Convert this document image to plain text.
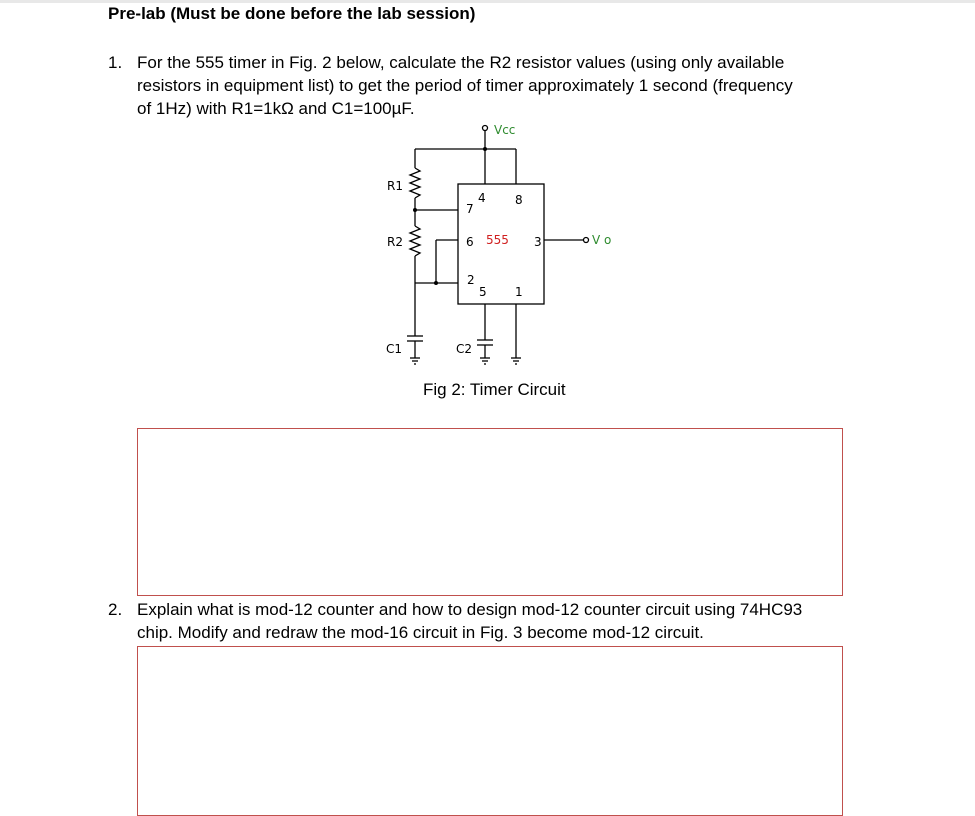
Pre-lab (Must be done before the lab session)
1. For the 555 timer in Fig. 2 below, calculate the R2 resistor values (using only available
resistors in equipment list) to get the period of timer approximately 1 second (frequency
of 1Hz) with R1=1kΩ and C1=100µF.
Vcc
V o
555
R1
R2
C1	C2
4 8
7
6	3
2
5 1
Fig 2: Timer Circuit
2. Explain what is mod-12 counter and how to design mod-12 counter circuit using 74HC93
chip. Modify and redraw the mod-16 circuit in Fig. 3 become mod-12 circuit.
